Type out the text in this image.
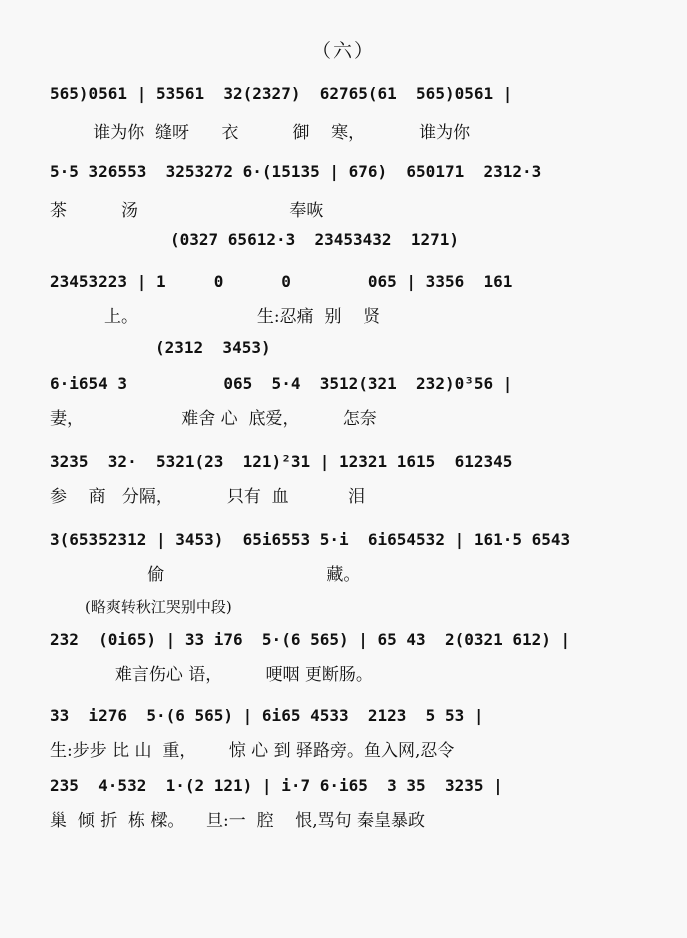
（六）
565)0561 | 53561  32(2327)  62765(61  565)0561 |
谁为你  缝呀      衣          御    寒，          谁为你
5·5 326553  3253272 6·(15135 | 676)  650171  2312·3
茶          汤                            奉咴
(0327 65612·3  23453432  1271)
23453223 | 1     0      0        065 | 3356  161
上。                      生:忍痛  别    贤
(2312  3453)
6·i654 3          065  5·4  3512(321  232)0³56 |
妻，                  难舍 心  底爱，        怎奈
3235  32·  5321(23  121)²31 | 12321 1615  612345
参    商   分隔，          只有  血           泪
3(65352312 | 3453)  65i6553 5·i  6i654532 | 161·5 6543
偷                              藏。
(略爽转秋江哭别中段)
232  (0i65) | 33 i76  5·(6 565) | 65 43  2(0321 612) |
难言伤心 语，        哽咽 更断肠。
33  i276  5·(6 565) | 6i65 4533  2123  5 53 |
生:步步 比 山  重，      惊 心 到 驿路旁。鱼入网,忍令
235  4·532  1·(2 121) | i·7 6·i65  3 35  3235 |
巢  倾 折  栋 樑。    旦:一  腔    恨,骂句 秦皇暴政
